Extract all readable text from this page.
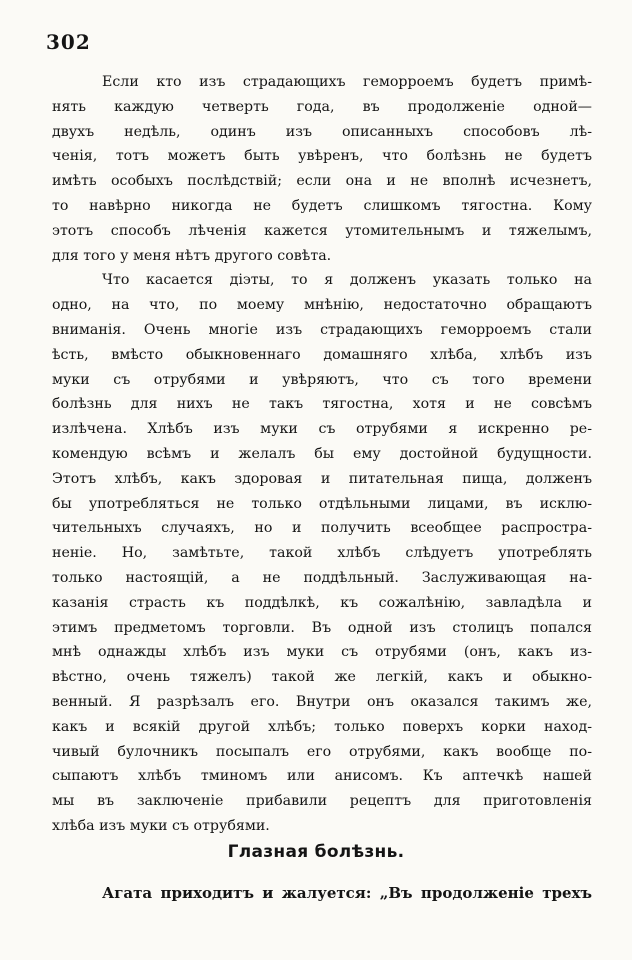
302
Если кто изъ страдающихъ геморроемъ будетъ примѣ-
нять каждую четверть года, въ продолженіе одной—
двухъ недѣль, одинъ изъ описанныхъ способовъ лѣ-
ченія, тотъ можетъ быть увѣренъ, что болѣзнь не будетъ
имѣть особыхъ послѣдствій; если она и не вполнѣ исчезнетъ,
то навѣрно никогда не будетъ слишкомъ тягостна. Кому
этотъ способъ лѣченія кажется утомительнымъ и тяжелымъ,
для того у меня нѣтъ другого совѣта.
Что касается діэты, то я долженъ указать только на
одно, на что, по моему мнѣнію, недостаточно обращаютъ
вниманія. Очень многіе изъ страдающихъ геморроемъ стали
ѣсть, вмѣсто обыкновеннаго домашняго хлѣба, хлѣбъ изъ
муки съ отрубями и увѣряютъ, что съ того времени
болѣзнь для нихъ не такъ тягостна, хотя и не совсѣмъ
излѣчена. Хлѣбъ изъ муки съ отрубями я искренно ре-
комендую всѣмъ и желалъ бы ему достойной будущности.
Этотъ хлѣбъ, какъ здоровая и питательная пища, долженъ
бы употребляться не только отдѣльными лицами, въ исклю-
чительныхъ случаяхъ, но и получить всеобщее распростра-
неніе. Но, замѣтьте, такой хлѣбъ слѣдуетъ употреблять
только настоящій, а не поддѣльный. Заслуживающая на-
казанія страсть къ поддѣлкѣ, къ сожалѣнію, завладѣла и
этимъ предметомъ торговли. Въ одной изъ столицъ попался
мнѣ однажды хлѣбъ изъ муки съ отрубями (онъ, какъ из-
вѣстно, очень тяжелъ) такой же легкій, какъ и обыкно-
венный. Я разрѣзалъ его. Внутри онъ оказался такимъ же,
какъ и всякій другой хлѣбъ; только поверхъ корки наход-
чивый булочникъ посыпалъ его отрубями, какъ вообще по-
сыпаютъ хлѣбъ тминомъ или анисомъ. Къ аптечкѣ нашей
мы въ заключеніе прибавили рецептъ для приготовленія
хлѣба изъ муки съ отрубями.
Глазная болѣзнь.
Агата приходитъ и жалуется: „Въ продолженіе трехъ
